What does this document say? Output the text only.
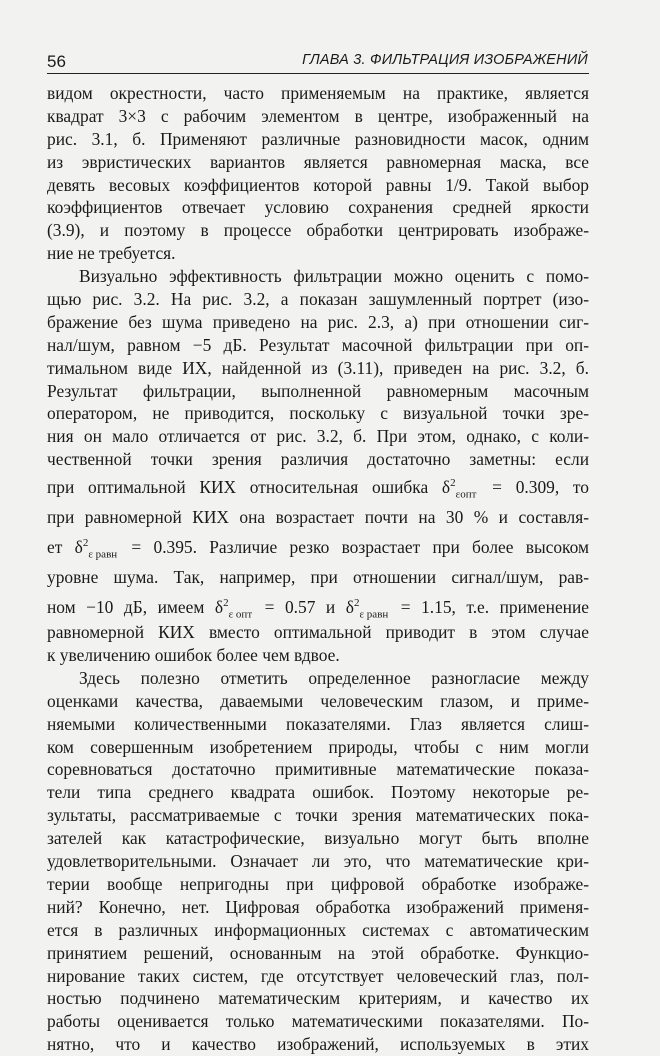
56	ГЛАВА 3. ФИЛЬТРАЦИЯ ИЗОБРАЖЕНИЙ
видом окрестности, часто применяемым на практике, является
квадрат 3×3 с рабочим элементом в центре, изображенный на
рис. 3.1, б. Применяют различные разновидности масок, одним
из эвристических вариантов является равномерная маска, все
девять весовых коэффициентов которой равны 1/9. Такой выбор
коэффициентов отвечает условию сохранения средней яркости
(3.9), и поэтому в процессе обработки центрировать изображе-
ние не требуется.
Визуально эффективность фильтрации можно оценить с помо-
щью рис. 3.2. На рис. 3.2, а показан зашумленный портрет (изо-
бражение без шума приведено на рис. 2.3, а) при отношении сиг-
нал/шум, равном −5 дБ. Результат масочной фильтрации при оп-
тимальном виде ИХ, найденной из (3.11), приведен на рис. 3.2, б.
Результат фильтрации, выполненной равномерным масочным
оператором, не приводится, поскольку с визуальной точки зре-
ния он мало отличается от рис. 3.2, б. При этом, однако, с коли-
чественной точки зрения различия достаточно заметны: если
при оптимальной КИХ относительная ошибка $\delta^2_{\varepsilon опт} = 0.309$, то
при равномерной КИХ она возрастает почти на 30 % и составля-
ет $\delta^2_{\varepsilon равн} = 0.395$. Различие резко возрастает при более высоком
уровне шума. Так, например, при отношении сигнал/шум, рав-
ном −10 дБ, имеем $\delta^2_{\varepsilon опт} = 0.57$ и $\delta^2_{\varepsilon равн} = 1.15$, т.е. применение
равномерной КИХ вместо оптимальной приводит в этом случае
к увеличению ошибок более чем вдвое.
Здесь полезно отметить определенное разногласие между
оценками качества, даваемыми человеческим глазом, и приме-
няемыми количественными показателями. Глаз является слиш-
ком совершенным изобретением природы, чтобы с ним могли
соревноваться достаточно примитивные математические показа-
тели типа среднего квадрата ошибок. Поэтому некоторые ре-
зультаты, рассматриваемые с точки зрения математических пока-
зателей как катастрофические, визуально могут быть вполне
удовлетворительными. Означает ли это, что математические кри-
терии вообще непригодны при цифровой обработке изображе-
ний? Конечно, нет. Цифровая обработка изображений применя-
ется в различных информационных системах с автоматическим
принятием решений, основанным на этой обработке. Функцио-
нирование таких систем, где отсутствует человеческий глаз, пол-
ностью подчинено математическим критериям, и качество их
работы оценивается только математическими показателями. По-
нятно, что и качество изображений, используемых в этих
